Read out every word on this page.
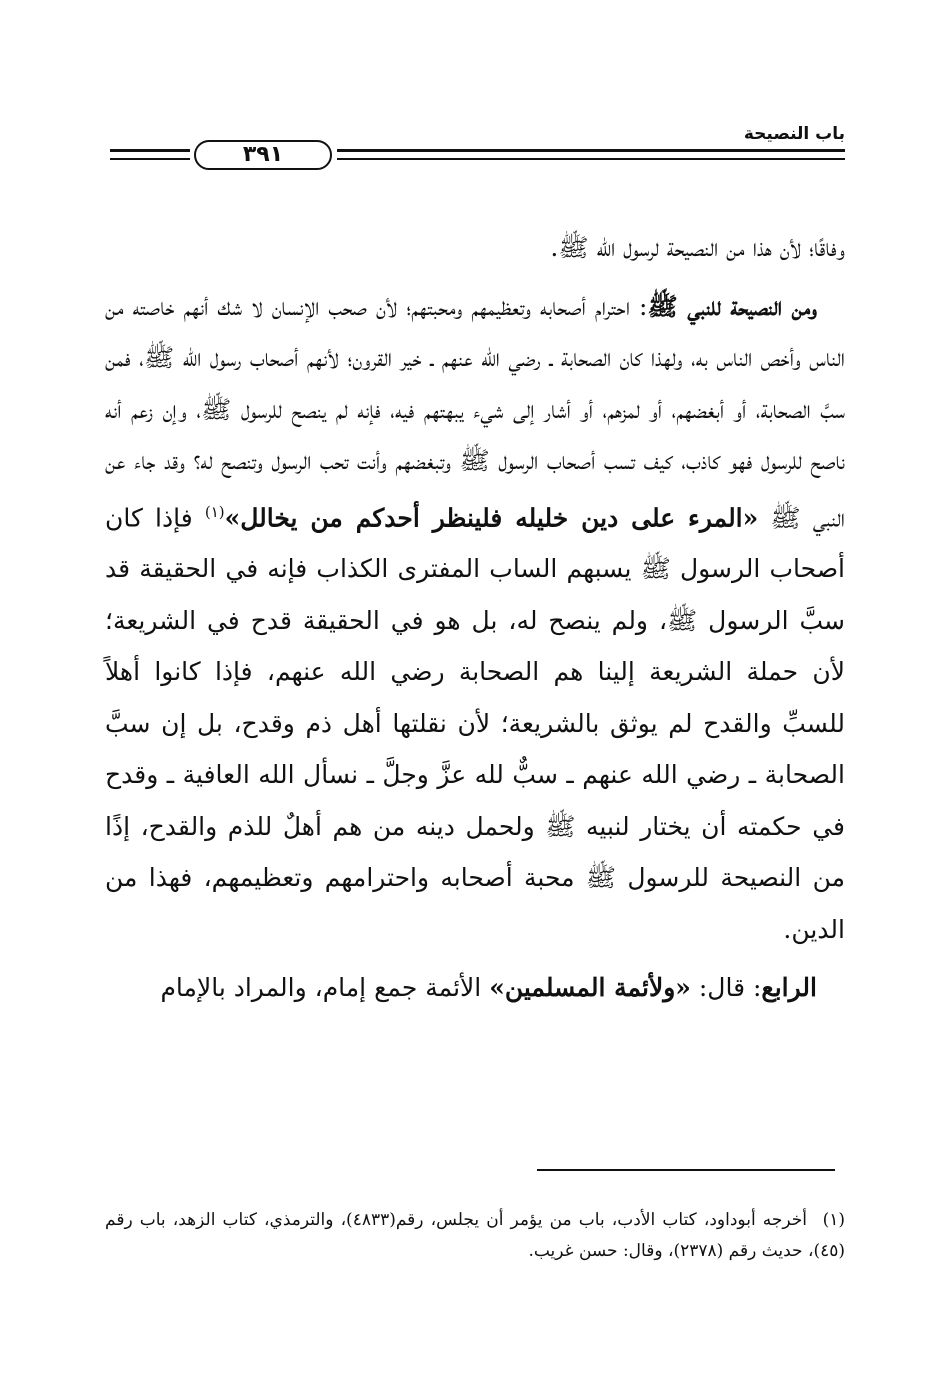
باب النصيحة
٣٩١

وفاقًا؛ لأن هذا من النصيحة لرسول الله ﷺ.

ومن النصيحة للنبي ﷺ: احترام أصحابه وتعظيمهم ومحبتهم؛ لأن صحب الإنسان لا شك أنهم خاصته من الناس وأخص الناس به، ولهذا كان الصحابة ـ رضي الله عنهم ـ خير القرون؛ لأنهم أصحاب رسول الله ﷺ، فمن سبَّ الصحابة، أو أبغضهم، أو لمزهم، أو أشار إلى شيء يبهتهم فيه، فإنه لم ينصح للرسول ﷺ، وإن زعم أنه ناصح للرسول فهو كاذب، كيف تسب أصحاب الرسول ﷺ وتبغضهم وأنت تحب الرسول وتنصح له؟ وقد جاء عن النبي ﷺ «المرء على دين خليله فلينظر أحدكم من يخالل»$^{(١)}$ فإذا كان أصحاب الرسول ﷺ يسبهم الساب المفترى الكذاب فإنه في الحقيقة قد سبَّ الرسول ﷺ، ولم ينصح له، بل هو في الحقيقة قدح في الشريعة؛ لأن حملة الشريعة إلينا هم الصحابة رضي الله عنهم، فإذا كانوا أهلاً للسبِّ والقدح لم يوثق بالشريعة؛ لأن نقلتها أهل ذم وقدح، بل إن سبَّ الصحابة ـ رضي الله عنهم ـ سبٌّ لله عزَّ وجلَّ ـ نسأل الله العافية ـ وقدح في حكمته أن يختار لنبيه ﷺ ولحمل دينه من هم أهلٌ للذم والقدح، إذًا من النصيحة للرسول ﷺ محبة أصحابه واحترامهم وتعظيمهم، فهذا من الدين.

الرابع: قال: «ولأئمة المسلمين» الأئمة جمع إمام، والمراد بالإمام

(١)أخرجه أبوداود، كتاب الأدب، باب من يؤمر أن يجلس، رقم(٤٨٣٣)، والترمذي، كتاب الزهد، باب رقم (٤٥)، حديث رقم (٢٣٧٨)، وقال: حسن غريب.
